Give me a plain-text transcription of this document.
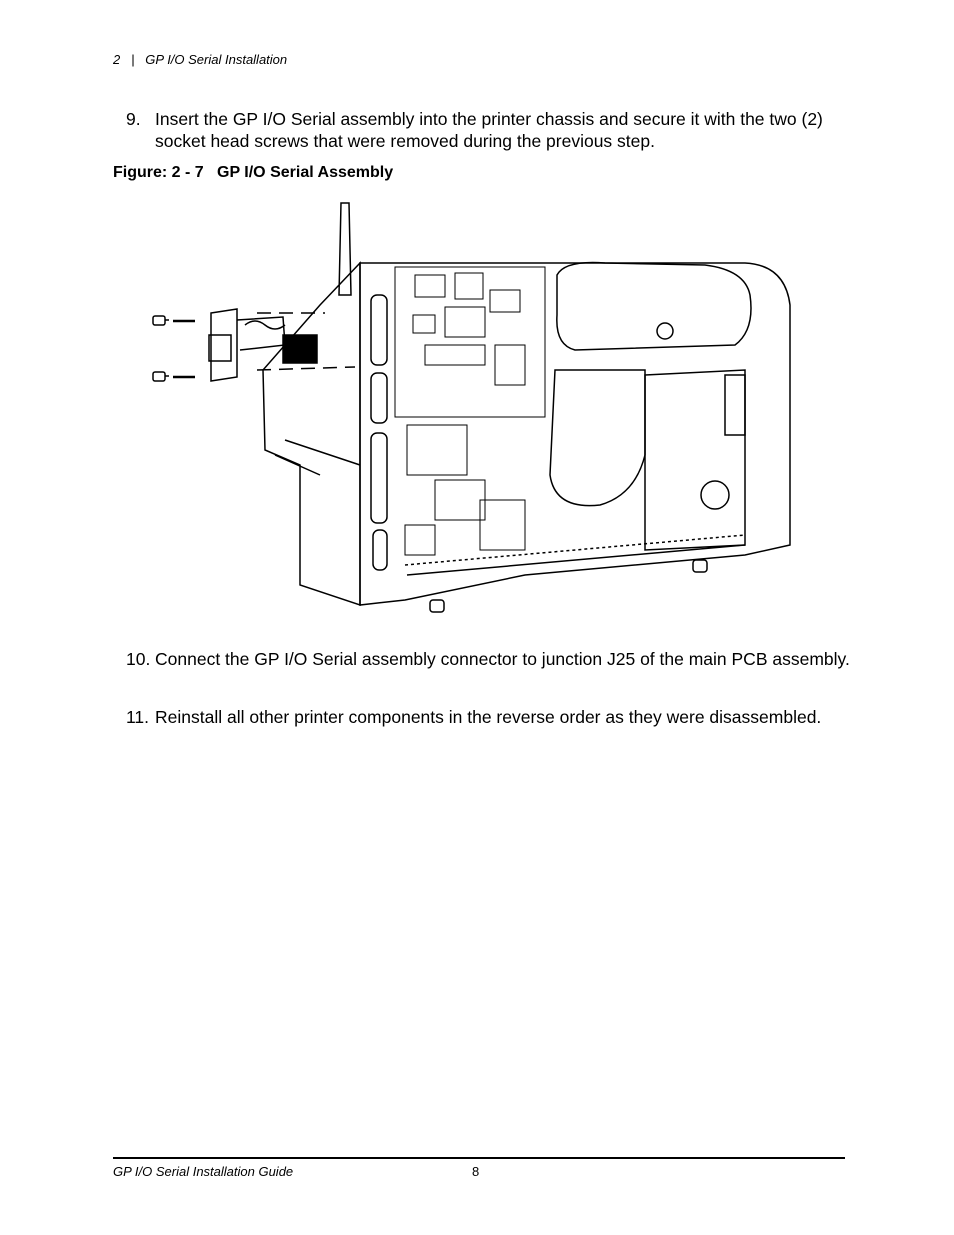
2   |   GP I/O Serial Installation
9. Insert the GP I/O Serial assembly into the printer chassis and secure it with the two (2) socket head screws that were removed during the previous step.
Figure: 2 - 7   GP I/O Serial Assembly
10. Connect the GP I/O Serial assembly connector to junction J25 of the main PCB assembly.
11. Reinstall all other printer components in the reverse order as they were disassembled.
GP I/O Serial Installation Guide	8
